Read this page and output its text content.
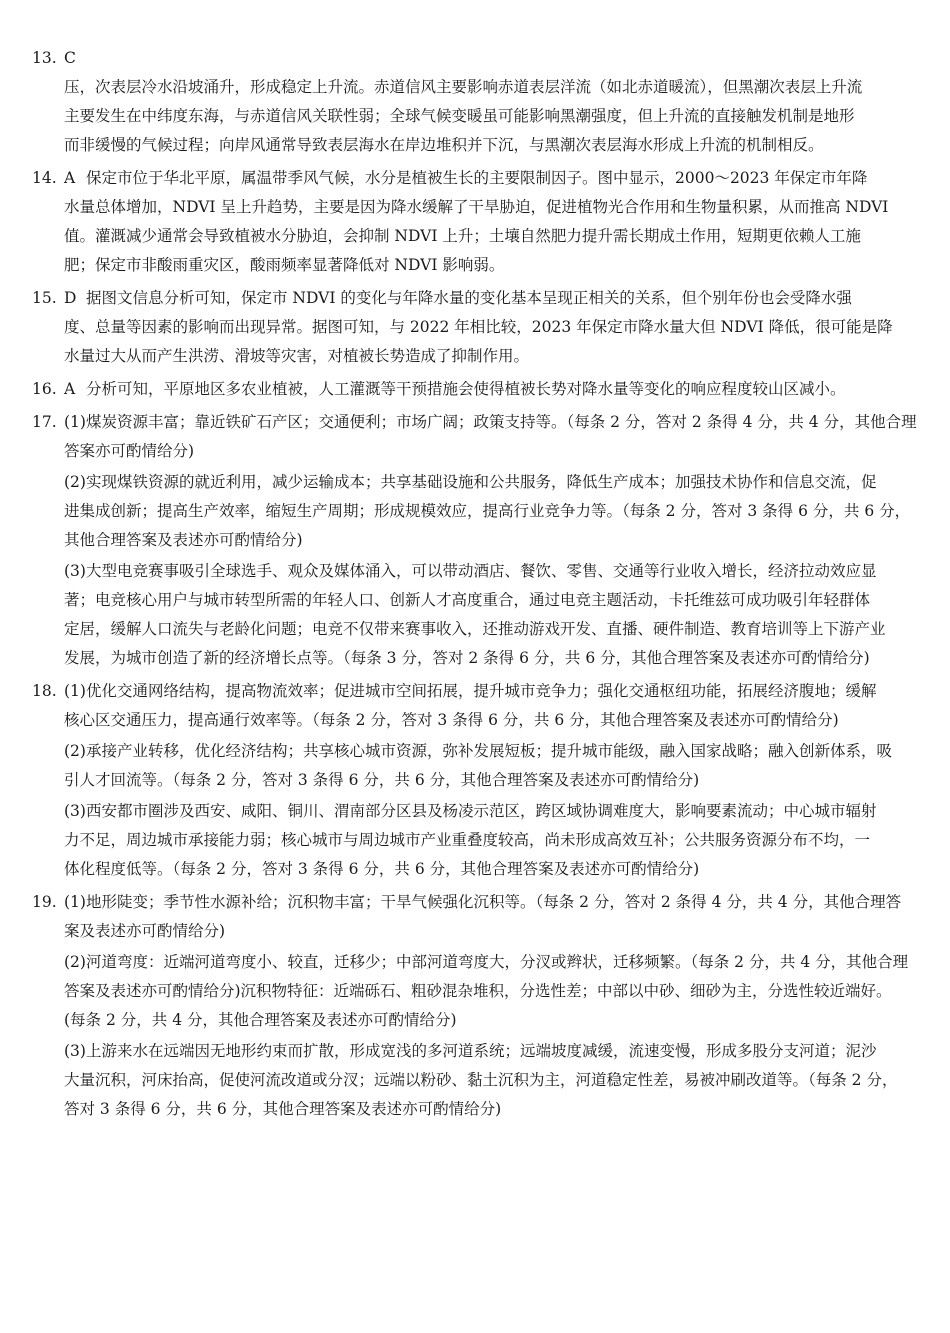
13. C
压，次表层冷水沿坡涌升，形成稳定上升流。赤道信风主要影响赤道表层洋流（如北赤道暖流），但黑潮次表层上升流
主要发生在中纬度东海，与赤道信风关联性弱；全球气候变暖虽可能影响黑潮强度，但上升流的直接触发机制是地形
而非缓慢的气候过程；向岸风通常导致表层海水在岸边堆积并下沉，与黑潮次表层海水形成上升流的机制相反。
14. A 保定市位于华北平原，属温带季风气候，水分是植被生长的主要限制因子。图中显示，2000～2023 年保定市年降
水量总体增加，NDVI 呈上升趋势，主要是因为降水缓解了干旱胁迫，促进植物光合作用和生物量积累，从而推高 NDVI
值。灌溉减少通常会导致植被水分胁迫，会抑制 NDVI 上升；土壤自然肥力提升需长期成土作用，短期更依赖人工施
肥；保定市非酸雨重灾区，酸雨频率显著降低对 NDVI 影响弱。
15. D 据图文信息分析可知，保定市 NDVI 的变化与年降水量的变化基本呈现正相关的关系，但个别年份也会受降水强
度、总量等因素的影响而出现异常。据图可知，与 2022 年相比较，2023 年保定市降水量大但 NDVI 降低，很可能是降
水量过大从而产生洪涝、滑坡等灾害，对植被长势造成了抑制作用。
16. A 分析可知，平原地区多农业植被，人工灌溉等干预措施会使得植被长势对降水量等变化的响应程度较山区减小。
17. (1)煤炭资源丰富；靠近铁矿石产区；交通便利；市场广阔；政策支持等。（每条 2 分，答对 2 条得 4 分，共 4 分，其他合理
答案亦可酌情给分)
(2)实现煤铁资源的就近利用，减少运输成本；共享基础设施和公共服务，降低生产成本；加强技术协作和信息交流，促
进集成创新；提高生产效率，缩短生产周期；形成规模效应，提高行业竞争力等。（每条 2 分，答对 3 条得 6 分，共 6 分，
其他合理答案及表述亦可酌情给分)
(3)大型电竞赛事吸引全球选手、观众及媒体涌入，可以带动酒店、餐饮、零售、交通等行业收入增长，经济拉动效应显
著；电竞核心用户与城市转型所需的年轻人口、创新人才高度重合，通过电竞主题活动，卡托维兹可成功吸引年轻群体
定居，缓解人口流失与老龄化问题；电竞不仅带来赛事收入，还推动游戏开发、直播、硬件制造、教育培训等上下游产业
发展，为城市创造了新的经济增长点等。（每条 3 分，答对 2 条得 6 分，共 6 分，其他合理答案及表述亦可酌情给分)
18. (1)优化交通网络结构，提高物流效率；促进城市空间拓展，提升城市竞争力；强化交通枢纽功能，拓展经济腹地；缓解
核心区交通压力，提高通行效率等。（每条 2 分，答对 3 条得 6 分，共 6 分，其他合理答案及表述亦可酌情给分)
(2)承接产业转移，优化经济结构；共享核心城市资源，弥补发展短板；提升城市能级，融入国家战略；融入创新体系，吸
引人才回流等。（每条 2 分，答对 3 条得 6 分，共 6 分，其他合理答案及表述亦可酌情给分)
(3)西安都市圈涉及西安、咸阳、铜川、渭南部分区县及杨凌示范区，跨区域协调难度大，影响要素流动；中心城市辐射
力不足，周边城市承接能力弱；核心城市与周边城市产业重叠度较高，尚未形成高效互补；公共服务资源分布不均，一
体化程度低等。（每条 2 分，答对 3 条得 6 分，共 6 分，其他合理答案及表述亦可酌情给分)
19. (1)地形陡变；季节性水源补给；沉积物丰富；干旱气候强化沉积等。（每条 2 分，答对 2 条得 4 分，共 4 分，其他合理答
案及表述亦可酌情给分)
(2)河道弯度：近端河道弯度小、较直，迁移少；中部河道弯度大，分汊或辫状，迁移频繁。（每条 2 分，共 4 分，其他合理
答案及表述亦可酌情给分)沉积物特征：近端砾石、粗砂混杂堆积，分选性差；中部以中砂、细砂为主，分选性较近端好。
(每条 2 分，共 4 分，其他合理答案及表述亦可酌情给分)
(3)上游来水在远端因无地形约束而扩散，形成宽浅的多河道系统；远端坡度减缓，流速变慢，形成多股分支河道；泥沙
大量沉积，河床抬高，促使河流改道或分汊；远端以粉砂、黏土沉积为主，河道稳定性差，易被冲刷改道等。（每条 2 分，
答对 3 条得 6 分，共 6 分，其他合理答案及表述亦可酌情给分)
